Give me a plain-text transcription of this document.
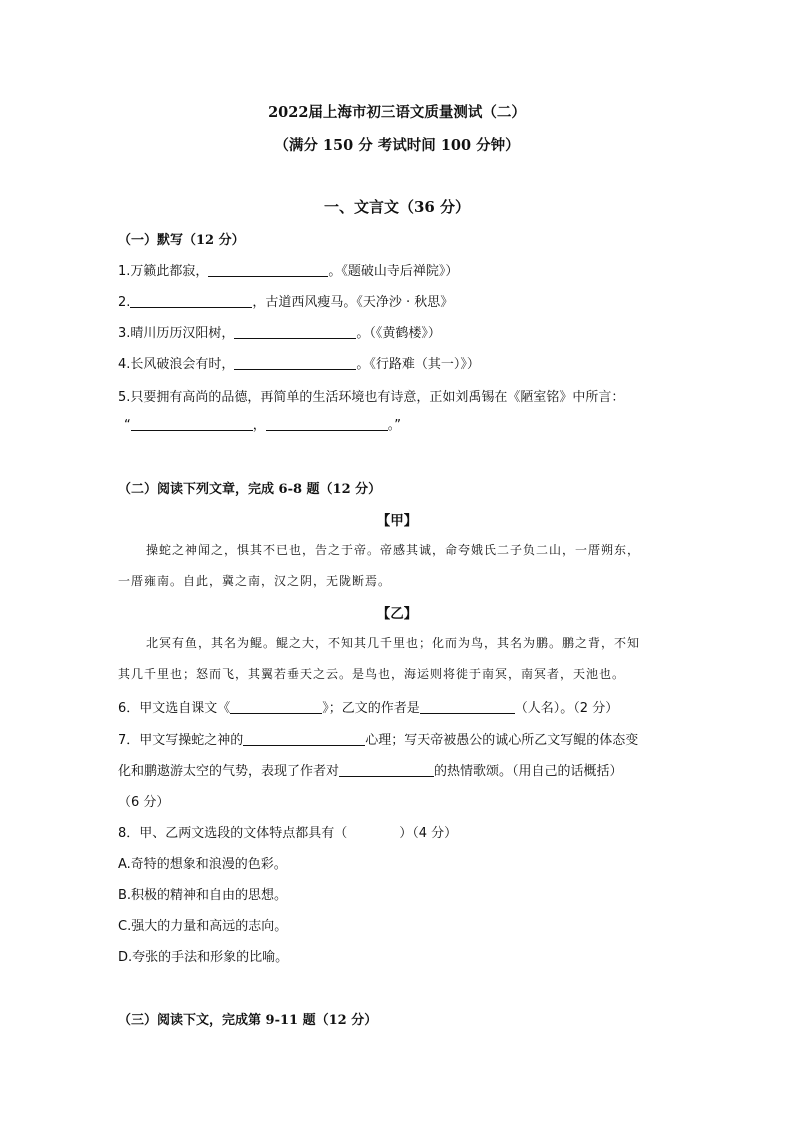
2022届上海市初三语文质量测试（二）
（满分 150 分 考试时间 100 分钟）
一、文言文（36 分）
（一）默写（12 分）
1.万籁此都寂，	。《题破山寺后禅院》）
2.	，古道西风瘦马。《天净沙 · 秋思》
3.晴川历历汉阳树，	。（《黄鹤楼》）
4.长风破浪会有时，	。《行路难（其一）》）
5.只要拥有高尚的品德，再简单的生活环境也有诗意，正如刘禹锡在《陋室铭》中所言：
“	，	。”
（二）阅读下列文章，完成 6-8 题（12 分）
【甲】
操蛇之神闻之，惧其不已也，告之于帝。帝感其诚，命夸娥氏二子负二山，一厝朔东，
一厝雍南。自此，冀之南，汉之阴，无陇断焉。
【乙】
北冥有鱼，其名为鲲。鲲之大，不知其几千里也；化而为鸟，其名为鹏。鹏之背，不知
其几千里也；怒而飞，其翼若垂天之云。是鸟也，海运则将徙于南冥，南冥者，天池也。
6．甲文选自课文《	》；乙文的作者是	（人名）。（2 分）
7．甲文写操蛇之神的	心理；写天帝被愚公的诚心所乙文写鲲的体态变
化和鹏遨游太空的气势，表现了作者对	的热情歌颂。（用自己的话概括）
（6 分）
8．甲、乙两文选段的文体特点都具有（　　　　）（4 分）
A.奇特的想象和浪漫的色彩。
B.积极的精神和自由的思想。
C.强大的力量和高远的志向。
D.夸张的手法和形象的比喻。
（三）阅读下文，完成第 9-11 题（12 分）
